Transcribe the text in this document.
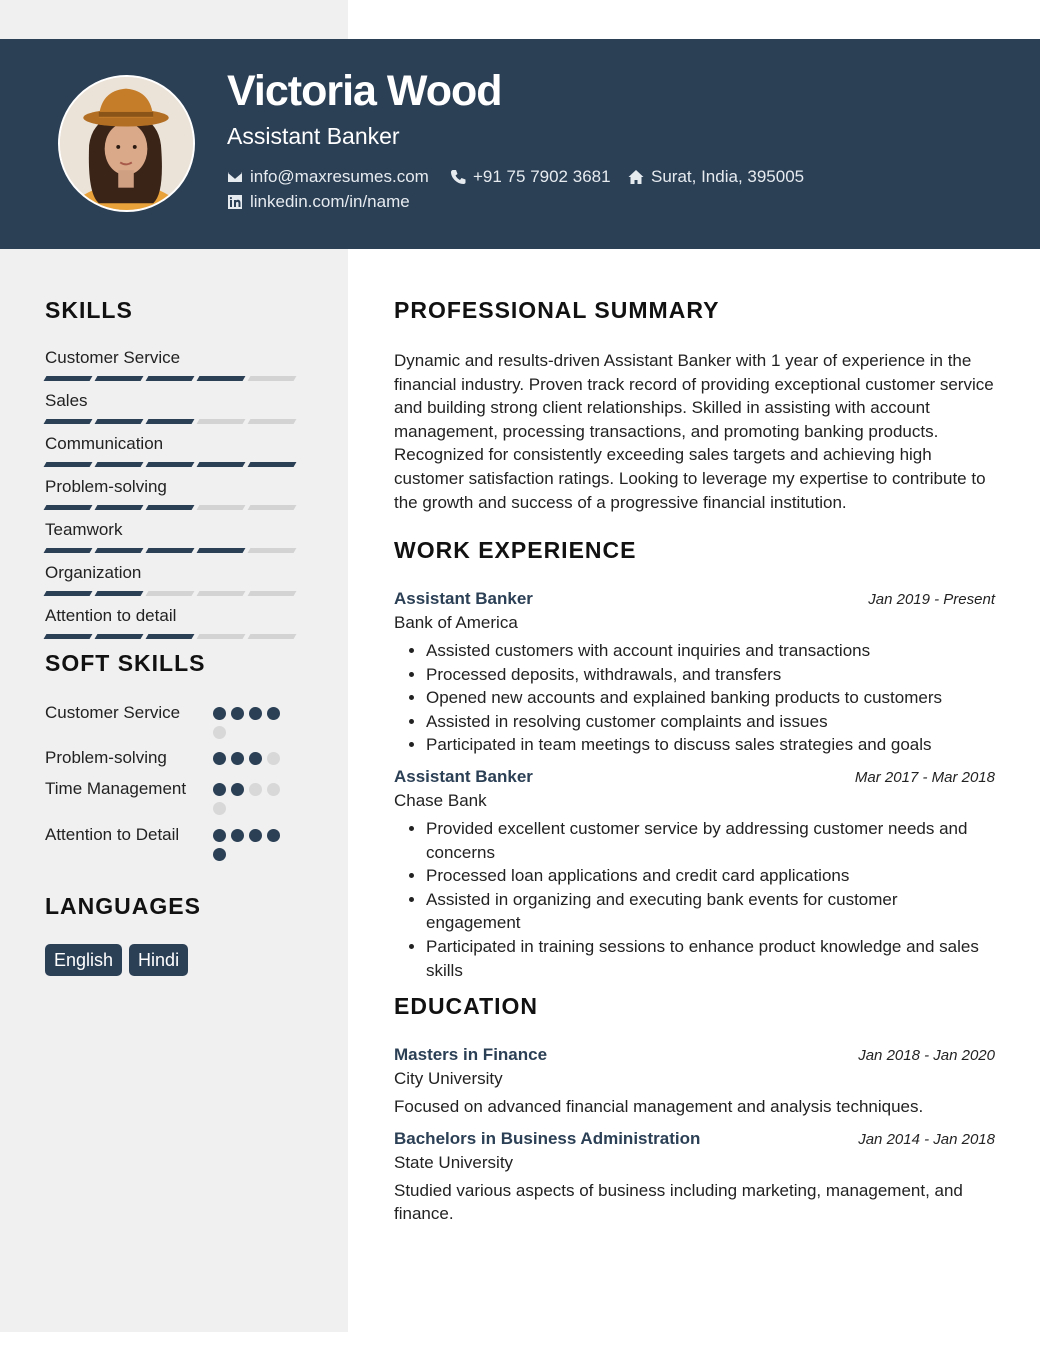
Victoria Wood
Assistant Banker
info@maxresumes.com	+91 75 7902 3681 Surat, India, 395005
linkedin.com/in/name
SKILLS
Customer Service
Sales
Communication
Problem-solving
Teamwork
Organization
Attention to detail
SOFT SKILLS
Customer Service
Problem-solving
Time Management
Attention to Detail
LANGUAGES
English	Hindi
PROFESSIONAL SUMMARY

Dynamic and results-driven Assistant Banker with 1 year of experience in the financial industry. Proven track record of providing exceptional customer service and building strong client relationships. Skilled in assisting with account management, processing transactions, and promoting banking products. Recognized for consistently exceeding sales targets and achieving high customer satisfaction ratings. Looking to leverage my expertise to contribute to the growth and success of a progressive financial institution.

WORK EXPERIENCE
Assistant Banker	Jan 2019 - Present
Bank of America
• Assisted customers with account inquiries and transactions
• Processed deposits, withdrawals, and transfers
• Opened new accounts and explained banking products to customers
• Assisted in resolving customer complaints and issues
• Participated in team meetings to discuss sales strategies and goals
Assistant Banker	Mar 2017 - Mar 2018
Chase Bank
• Provided excellent customer service by addressing customer needs and concerns
• Processed loan applications and credit card applications
• Assisted in organizing and executing bank events for customer engagement
• Participated in training sessions to enhance product knowledge and sales skills
EDUCATION
Masters in Finance	Jan 2018 - Jan 2020
City University

Focused on advanced financial management and analysis techniques.

Bachelors in Business Administration	Jan 2014 - Jan 2018
State University

Studied various aspects of business including marketing, management, and finance.
